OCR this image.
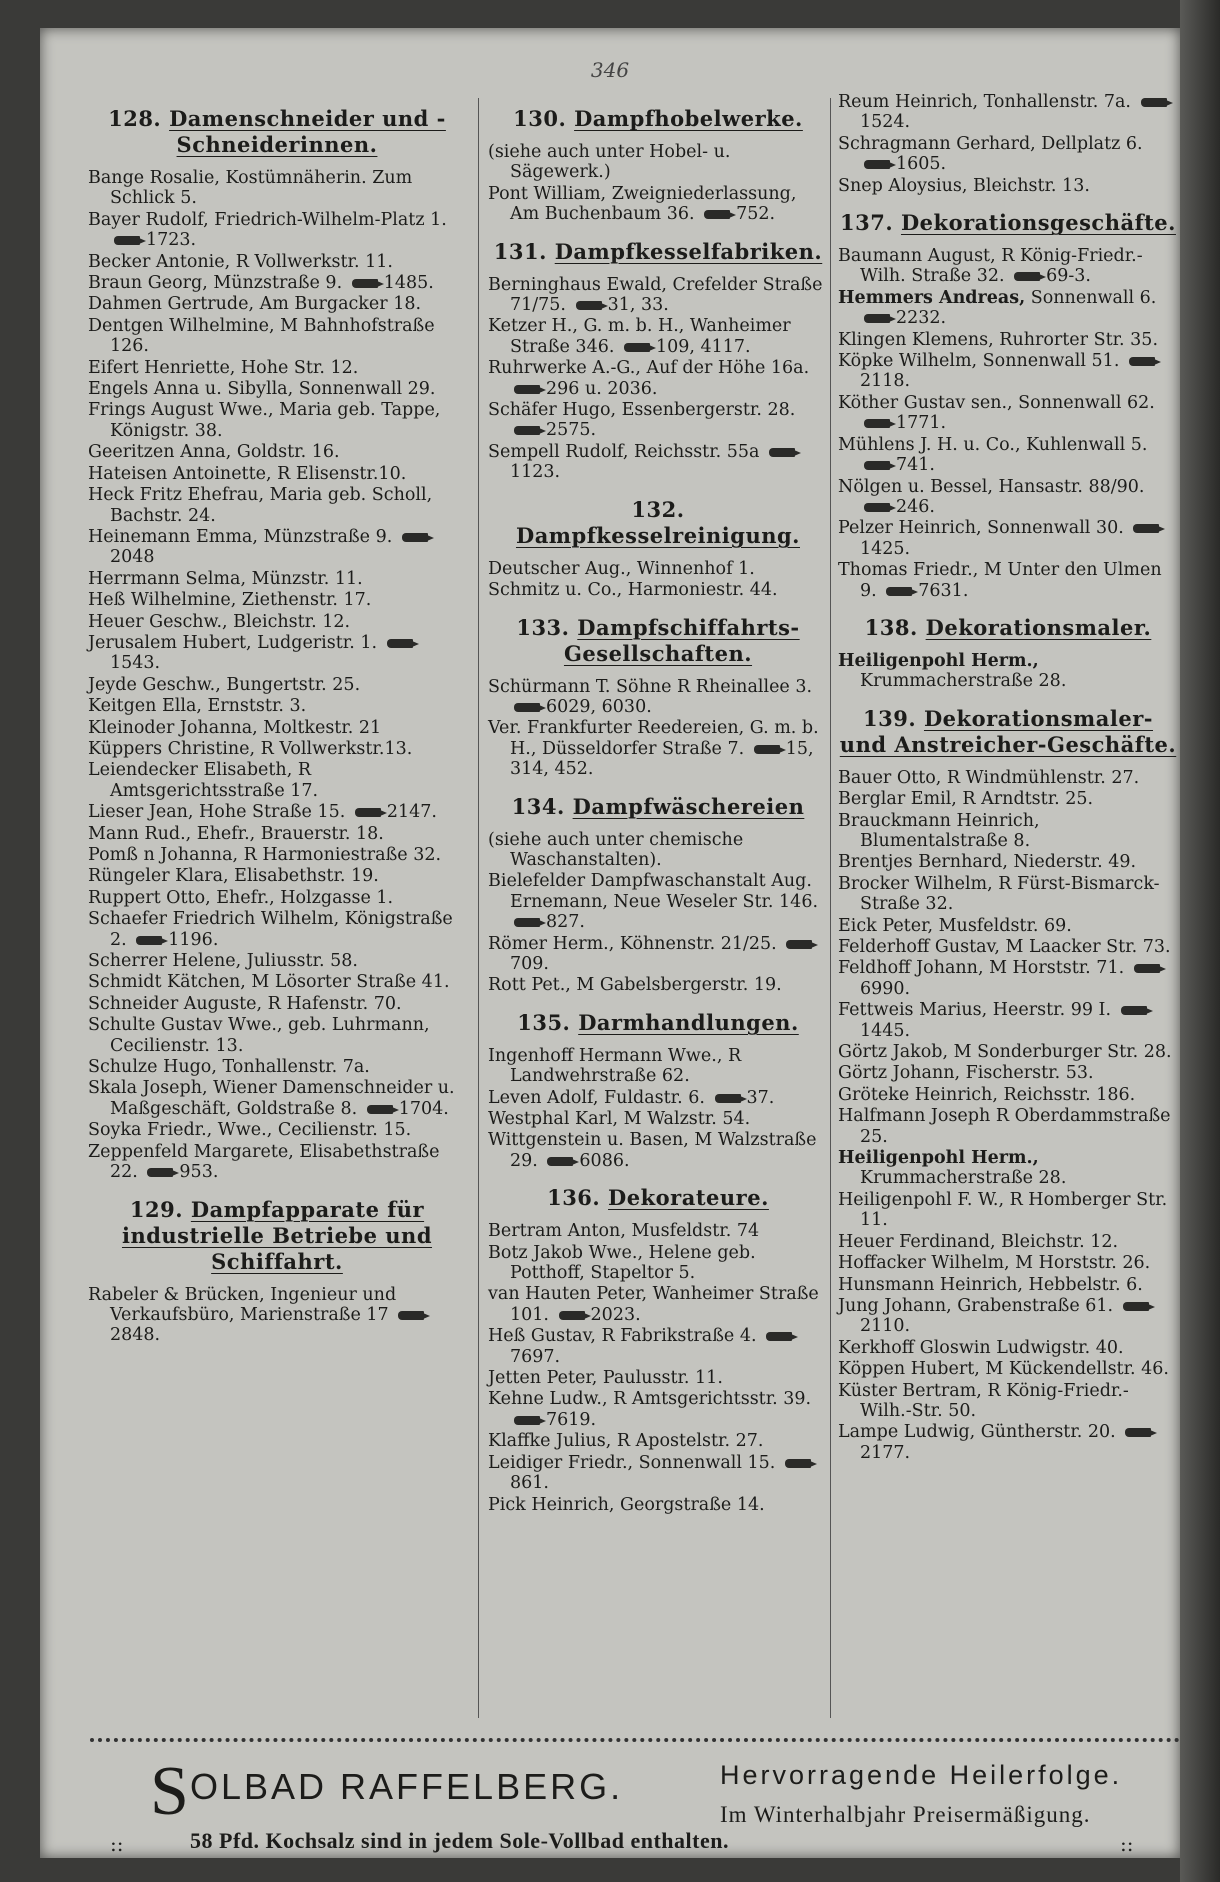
346
128. Damenschneider und -Schneiderinnen.
Bange Rosalie, Kostümnäherin. Zum Schlick 5.
Bayer Rudolf, Friedrich-Wilhelm-Platz 1. 1723.
Becker Antonie, R Vollwerkstr. 11.
Braun Georg, Münzstraße 9. 1485.
Dahmen Gertrude, Am Burgacker 18.
Dentgen Wilhelmine, M Bahnhofstraße 126.
Eifert Henriette, Hohe Str. 12.
Engels Anna u. Sibylla, Sonnenwall 29.
Frings August Wwe., Maria geb. Tappe, Königstr. 38.
Geeritzen Anna, Goldstr. 16.
Hateisen Antoinette, R Elisenstr.10.
Heck Fritz Ehefrau, Maria geb. Scholl, Bachstr. 24.
Heinemann Emma, Münzstraße 9. 2048
Herrmann Selma, Münzstr. 11.
Heß Wilhelmine, Ziethenstr. 17.
Heuer Geschw., Bleichstr. 12.
Jerusalem Hubert, Ludgeristr. 1. 1543.
Jeyde Geschw., Bungertstr. 25.
Keitgen Ella, Ernststr. 3.
Kleinoder Johanna, Moltkestr. 21
Küppers Christine, R Vollwerkstr.13.
Leiendecker Elisabeth, R Amtsgerichtsstraße 17.
Lieser Jean, Hohe Straße 15. 2147.
Mann Rud., Ehefr., Brauerstr. 18.
Pomß n Johanna, R Harmoniestraße 32.
Rüngeler Klara, Elisabethstr. 19.
Ruppert Otto, Ehefr., Holzgasse 1.
Schaefer Friedrich Wilhelm, Königstraße 2. 1196.
Scherrer Helene, Juliusstr. 58.
Schmidt Kätchen, M Lösorter Straße 41.
Schneider Auguste, R Hafenstr. 70.
Schulte Gustav Wwe., geb. Luhrmann, Cecilienstr. 13.
Schulze Hugo, Tonhallenstr. 7a.
Skala Joseph, Wiener Damenschneider u. Maßgeschäft, Goldstraße 8. 1704.
Soyka Friedr., Wwe., Cecilienstr. 15.
Zeppenfeld Margarete, Elisabethstraße 22. 953.
129. Dampfapparate für industrielle Betriebe und Schiffahrt.
Rabeler & Brücken, Ingenieur und Verkaufsbüro, Marienstraße 17 2848.
130. Dampfhobelwerke.
(siehe auch unter Hobel- u. Sägewerk.)
Pont William, Zweigniederlassung, Am Buchenbaum 36. 752.
131. Dampfkesselfabriken.
Berninghaus Ewald, Crefelder Straße 71/75. 31, 33.
Ketzer H., G. m. b. H., Wanheimer Straße 346. 109, 4117.
Ruhrwerke A.-G., Auf der Höhe 16a. 296 u. 2036.
Schäfer Hugo, Essenbergerstr. 28. 2575.
Sempell Rudolf, Reichsstr. 55a 1123.
132. Dampfkesselreinigung.
Deutscher Aug., Winnenhof 1.
Schmitz u. Co., Harmoniestr. 44.
133. Dampfschiffahrts-Gesellschaften.
Schürmann T. Söhne R Rheinallee 3. 6029, 6030.
Ver. Frankfurter Reedereien, G. m. b. H., Düsseldorfer Straße 7. 15, 314, 452.
134. Dampfwäschereien
(siehe auch unter chemische Waschanstalten).
Bielefelder Dampfwaschanstalt Aug. Ernemann, Neue Weseler Str. 146. 827.
Römer Herm., Köhnenstr. 21/25. 709.
Rott Pet., M Gabelsbergerstr. 19.
135. Darmhandlungen.
Ingenhoff Hermann Wwe., R Landwehrstraße 62.
Leven Adolf, Fuldastr. 6. 37.
Westphal Karl, M Walzstr. 54.
Wittgenstein u. Basen, M Walzstraße 29. 6086.
136. Dekorateure.
Bertram Anton, Musfeldstr. 74
Botz Jakob Wwe., Helene geb. Potthoff, Stapeltor 5.
van Hauten Peter, Wanheimer Straße 101. 2023.
Heß Gustav, R Fabrikstraße 4. 7697.
Jetten Peter, Paulusstr. 11.
Kehne Ludw., R Amtsgerichtsstr. 39. 7619.
Klaffke Julius, R Apostelstr. 27.
Leidiger Friedr., Sonnenwall 15. 861.
Pick Heinrich, Georgstraße 14.
Reum Heinrich, Tonhallenstr. 7a. 1524.
Schragmann Gerhard, Dellplatz 6. 1605.
Snep Aloysius, Bleichstr. 13.
137. Dekorationsgeschäfte.
Baumann August, R König-Friedr.-Wilh. Straße 32. 69-3.
Hemmers Andreas, Sonnenwall 6. 2232.
Klingen Klemens, Ruhrorter Str. 35.
Köpke Wilhelm, Sonnenwall 51. 2118.
Köther Gustav sen., Sonnenwall 62. 1771.
Mühlens J. H. u. Co., Kuhlenwall 5. 741.
Nölgen u. Bessel, Hansastr. 88/90. 246.
Pelzer Heinrich, Sonnenwall 30. 1425.
Thomas Friedr., M Unter den Ulmen 9. 7631.
138. Dekorationsmaler.
Heiligenpohl Herm., Krummacherstraße 28.
139. Dekorationsmaler- und Anstreicher-Geschäfte.
Bauer Otto, R Windmühlenstr. 27.
Berglar Emil, R Arndtstr. 25.
Brauckmann Heinrich, Blumentalstraße 8.
Brentjes Bernhard, Niederstr. 49.
Brocker Wilhelm, R Fürst-Bismarck-Straße 32.
Eick Peter, Musfeldstr. 69.
Felderhoff Gustav, M Laacker Str. 73.
Feldhoff Johann, M Horststr. 71. 6990.
Fettweis Marius, Heerstr. 99 I. 1445.
Görtz Jakob, M Sonderburger Str. 28.
Görtz Johann, Fischerstr. 53.
Gröteke Heinrich, Reichsstr. 186.
Halfmann Joseph R Oberdammstraße 25.
Heiligenpohl Herm., Krummacherstraße 28.
Heiligenpohl F. W., R Homberger Str. 11.
Heuer Ferdinand, Bleichstr. 12.
Hoffacker Wilhelm, M Horststr. 26.
Hunsmann Heinrich, Hebbelstr. 6.
Jung Johann, Grabenstraße 61. 2110.
Kerkhoff Gloswin Ludwigstr. 40.
Köppen Hubert, M Kückendellstr. 46.
Küster Bertram, R König-Friedr.-Wilh.-Str. 50.
Lampe Ludwig, Güntherstr. 20. 2177.
S OLBAD RAFFELBERG.	Hervorragende Heilerfolge.
Im Winterhalbjahr Preisermäßigung.
::	58 Pfd. Kochsalz sind in jedem Sole-Vollbad enthalten.	::
